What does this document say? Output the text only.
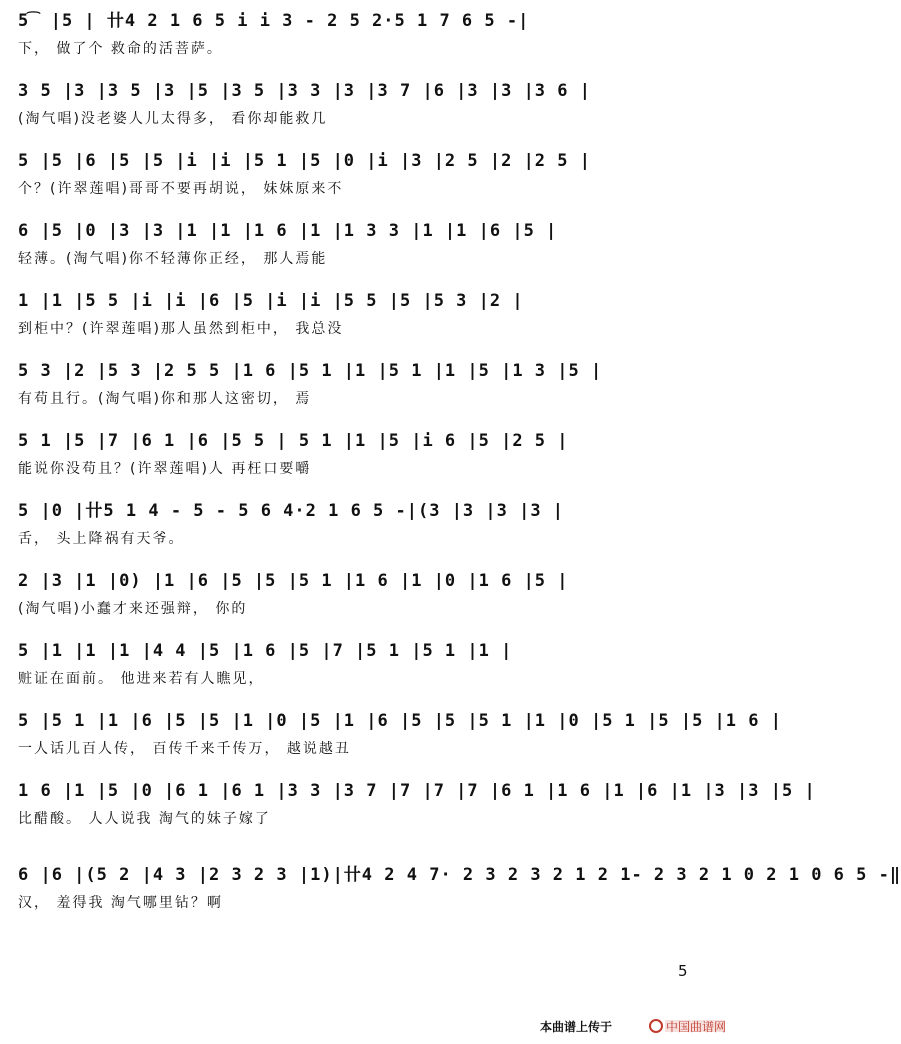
5
本曲谱上传于	中国曲谱网
5͡ |5 | 卄4 2 1 6 5 i i 3 - 2 5 2·5 1 7 6 5 -|
下， 做了个 救命的活菩萨。
3 5 |3 |3 5 |3 |5 |3 5 |3 3 |3 |3 7 |6 |3 |3 |3 6 |
(淘气唱)没老婆人儿太得多， 看你却能救几
5 |5 |6 |5 |5 |i |i |5 1 |5 |0 |i |3 |2 5 |2 |2 5 |
个？(许翠莲唱)哥哥不要再胡说， 妹妹原来不
6 |5 |0 |3 |3 |1 |1 |1 6 |1 |1 3 3 |1 |1 |6 |5 |
轻薄。(淘气唱)你不轻薄你正经， 那人焉能
1 |1 |5 5 |i |i |6 |5 |i |i |5 5 |5 |5 3 |2 |
到柜中？(许翠莲唱)那人虽然到柜中， 我总没
5 3 |2 |5 3 |2 5 5 |1 6 |5 1 |1 |5 1 |1 |5 |1 3 |5 |
有苟且行。(淘气唱)你和那人这密切， 焉
5 1 |5 |7 |6 1 |6 |5 5 | 5 1 |1 |5 |i 6 |5 |2 5 |
能说你没苟且？(许翠莲唱)人 再枉口要嚼
5 |0 |卄5 1 4 - 5 - 5 6 4·2 1 6 5 -|(3 |3 |3 |3 |
舌， 头上降祸有天爷。
2 |3 |1 |0) |1 |6 |5 |5 |5 1 |1 6 |1 |0 |1 6 |5 |
(淘气唱)小蠢才来还强辩， 你的
5 |1 |1 |1 |4 4 |5 |1 6 |5 |7 |5 1 |5 1 |1 |
赃证在面前。 他进来若有人瞧见，
5 |5 1 |1 |6 |5 |5 |1 |0 |5 |1 |6 |5 |5 |5 1 |1 |0 |5 1 |5 |5 |1 6 |
一人话儿百人传， 百传千来千传万， 越说越丑
1 6 |1 |5 |0 |6 1 |6 1 |3 3 |3 7 |7 |7 |7 |6 1 |1 6 |1 |6 |1 |3 |3 |5 |
比醋酸。 人人说我 淘气的妹子嫁了
6 |6 |(5 2 |4 3 |2 3 2 3 |1)|卄4 2 4 7· 2 3 2 3 2 1 2 1- 2 3 2 1 0 2 1 0 6 5 -‖
汉， 羞得我 淘气哪里钻？啊
